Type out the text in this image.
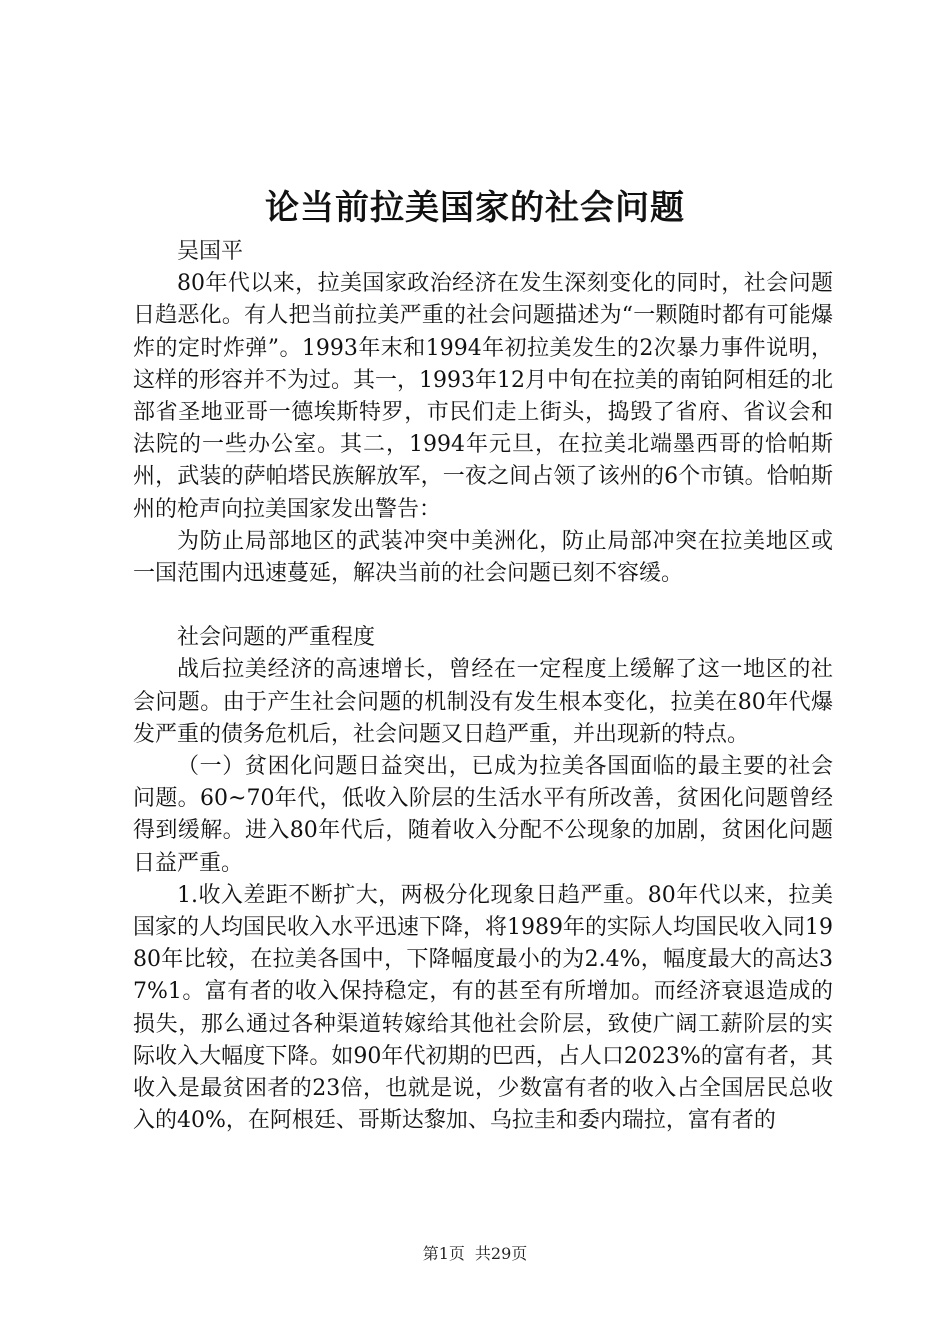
论当前拉美国家的社会问题

吴国平

80年代以来，拉美国家政治经济在发生深刻变化的同时，社会问题日趋恶化。有人把当前拉美严重的社会问题描述为“一颗随时都有可能爆炸的定时炸弹”。1993年末和1994年初拉美发生的2次暴力事件说明，这样的形容并不为过。其一，1993年12月中旬在拉美的南铂阿相廷的北部省圣地亚哥一德埃斯特罗，市民们走上街头，捣毁了省府、省议会和法院的一些办公室。其二，1994年元旦，在拉美北端墨西哥的恰帕斯州，武装的萨帕塔民族解放军，一夜之间占领了该州的6个市镇。恰帕斯州的枪声向拉美国家发出警告：

为防止局部地区的武装冲突中美洲化，防止局部冲突在拉美地区或一国范围内迅速蔓延，解决当前的社会问题已刻不容缓。

社会问题的严重程度

战后拉美经济的高速增长，曾经在一定程度上缓解了这一地区的社会问题。由于产生社会问题的机制没有发生根本变化，拉美在80年代爆发严重的债务危机后，社会问题又日趋严重，并出现新的特点。

（一）贫困化问题日益突出，已成为拉美各国面临的最主要的社会问题。60~70年代，低收入阶层的生活水平有所改善，贫困化问题曾经得到缓解。进入80年代后，随着收入分配不公现象的加剧，贫困化问题日益严重。

1.收入差距不断扩大，两极分化现象日趋严重。80年代以来，拉美国家的人均国民收入水平迅速下降，将1989年的实际人均国民收入同1980年比较，在拉美各国中，下降幅度最小的为2.4%，幅度最大的高达37%1。富有者的收入保持稳定，有的甚至有所增加。而经济衰退造成的损失，那么通过各种渠道转嫁给其他社会阶层，致使广阔工薪阶层的实际收入大幅度下降。如90年代初期的巴西，占人口2023%的富有者，其收入是最贫困者的23倍，也就是说，少数富有者的收入占全国居民总收入的40%，在阿根廷、哥斯达黎加、乌拉圭和委内瑞拉，富有者的

第1页 共29页
